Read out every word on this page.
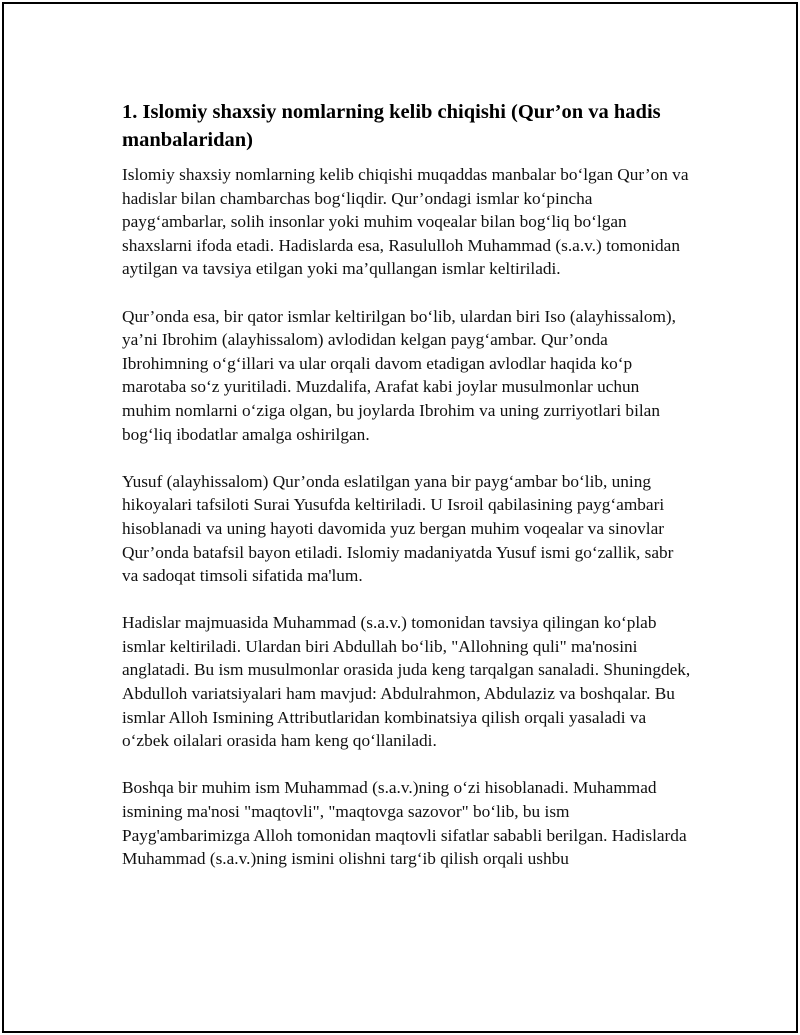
1. Islomiy shaxsiy nomlarning kelib chiqishi (Qur’on va hadis manbalaridan)

Islomiy shaxsiy nomlarning kelib chiqishi muqaddas manbalar bo‘lgan Qur’on va hadislar bilan chambarchas bog‘liqdir. Qur’ondagi ismlar ko‘pincha payg‘ambarlar, solih insonlar yoki muhim voqealar bilan bog‘liq bo‘lgan shaxslarni ifoda etadi. Hadislarda esa, Rasululloh Muhammad (s.a.v.) tomonidan aytilgan va tavsiya etilgan yoki ma’qullangan ismlar keltiriladi.

Qur’onda esa, bir qator ismlar keltirilgan bo‘lib, ulardan biri Iso (alayhissalom), ya’ni Ibrohim (alayhissalom) avlodidan kelgan payg‘ambar. Qur’onda Ibrohimning o‘g‘illari va ular orqali davom etadigan avlodlar haqida ko‘p marotaba so‘z yuritiladi. Muzdalifa, Arafat kabi joylar musulmonlar uchun muhim nomlarni o‘ziga olgan, bu joylarda Ibrohim va uning zurriyotlari bilan bog‘liq ibodatlar amalga oshirilgan.

Yusuf (alayhissalom) Qur’onda eslatilgan yana bir payg‘ambar bo‘lib, uning hikoyalari tafsiloti Surai Yusufda keltiriladi. U Isroil qabilasining payg‘ambari hisoblanadi va uning hayoti davomida yuz bergan muhim voqealar va sinovlar Qur’onda batafsil bayon etiladi. Islomiy madaniyatda Yusuf ismi go‘zallik, sabr va sadoqat timsoli sifatida ma'lum.

Hadislar majmuasida Muhammad (s.a.v.) tomonidan tavsiya qilingan ko‘plab ismlar keltiriladi. Ulardan biri Abdullah bo‘lib, "Allohning quli" ma'nosini anglatadi. Bu ism musulmonlar orasida juda keng tarqalgan sanaladi. Shuningdek, Abdulloh variatsiyalari ham mavjud: Abdulrahmon, Abdulaziz va boshqalar. Bu ismlar Alloh Ismining Attributlaridan kombinatsiya qilish orqali yasaladi va o‘zbek oilalari orasida ham keng qo‘llaniladi.

Boshqa bir muhim ism Muhammad (s.a.v.)ning o‘zi hisoblanadi. Muhammad ismining ma'nosi "maqtovli", "maqtovga sazovor" bo‘lib, bu ism Payg'ambarimizga Alloh tomonidan maqtovli sifatlar sababli berilgan. Hadislarda Muhammad (s.a.v.)ning ismini olishni targ‘ib qilish orqali ushbu
